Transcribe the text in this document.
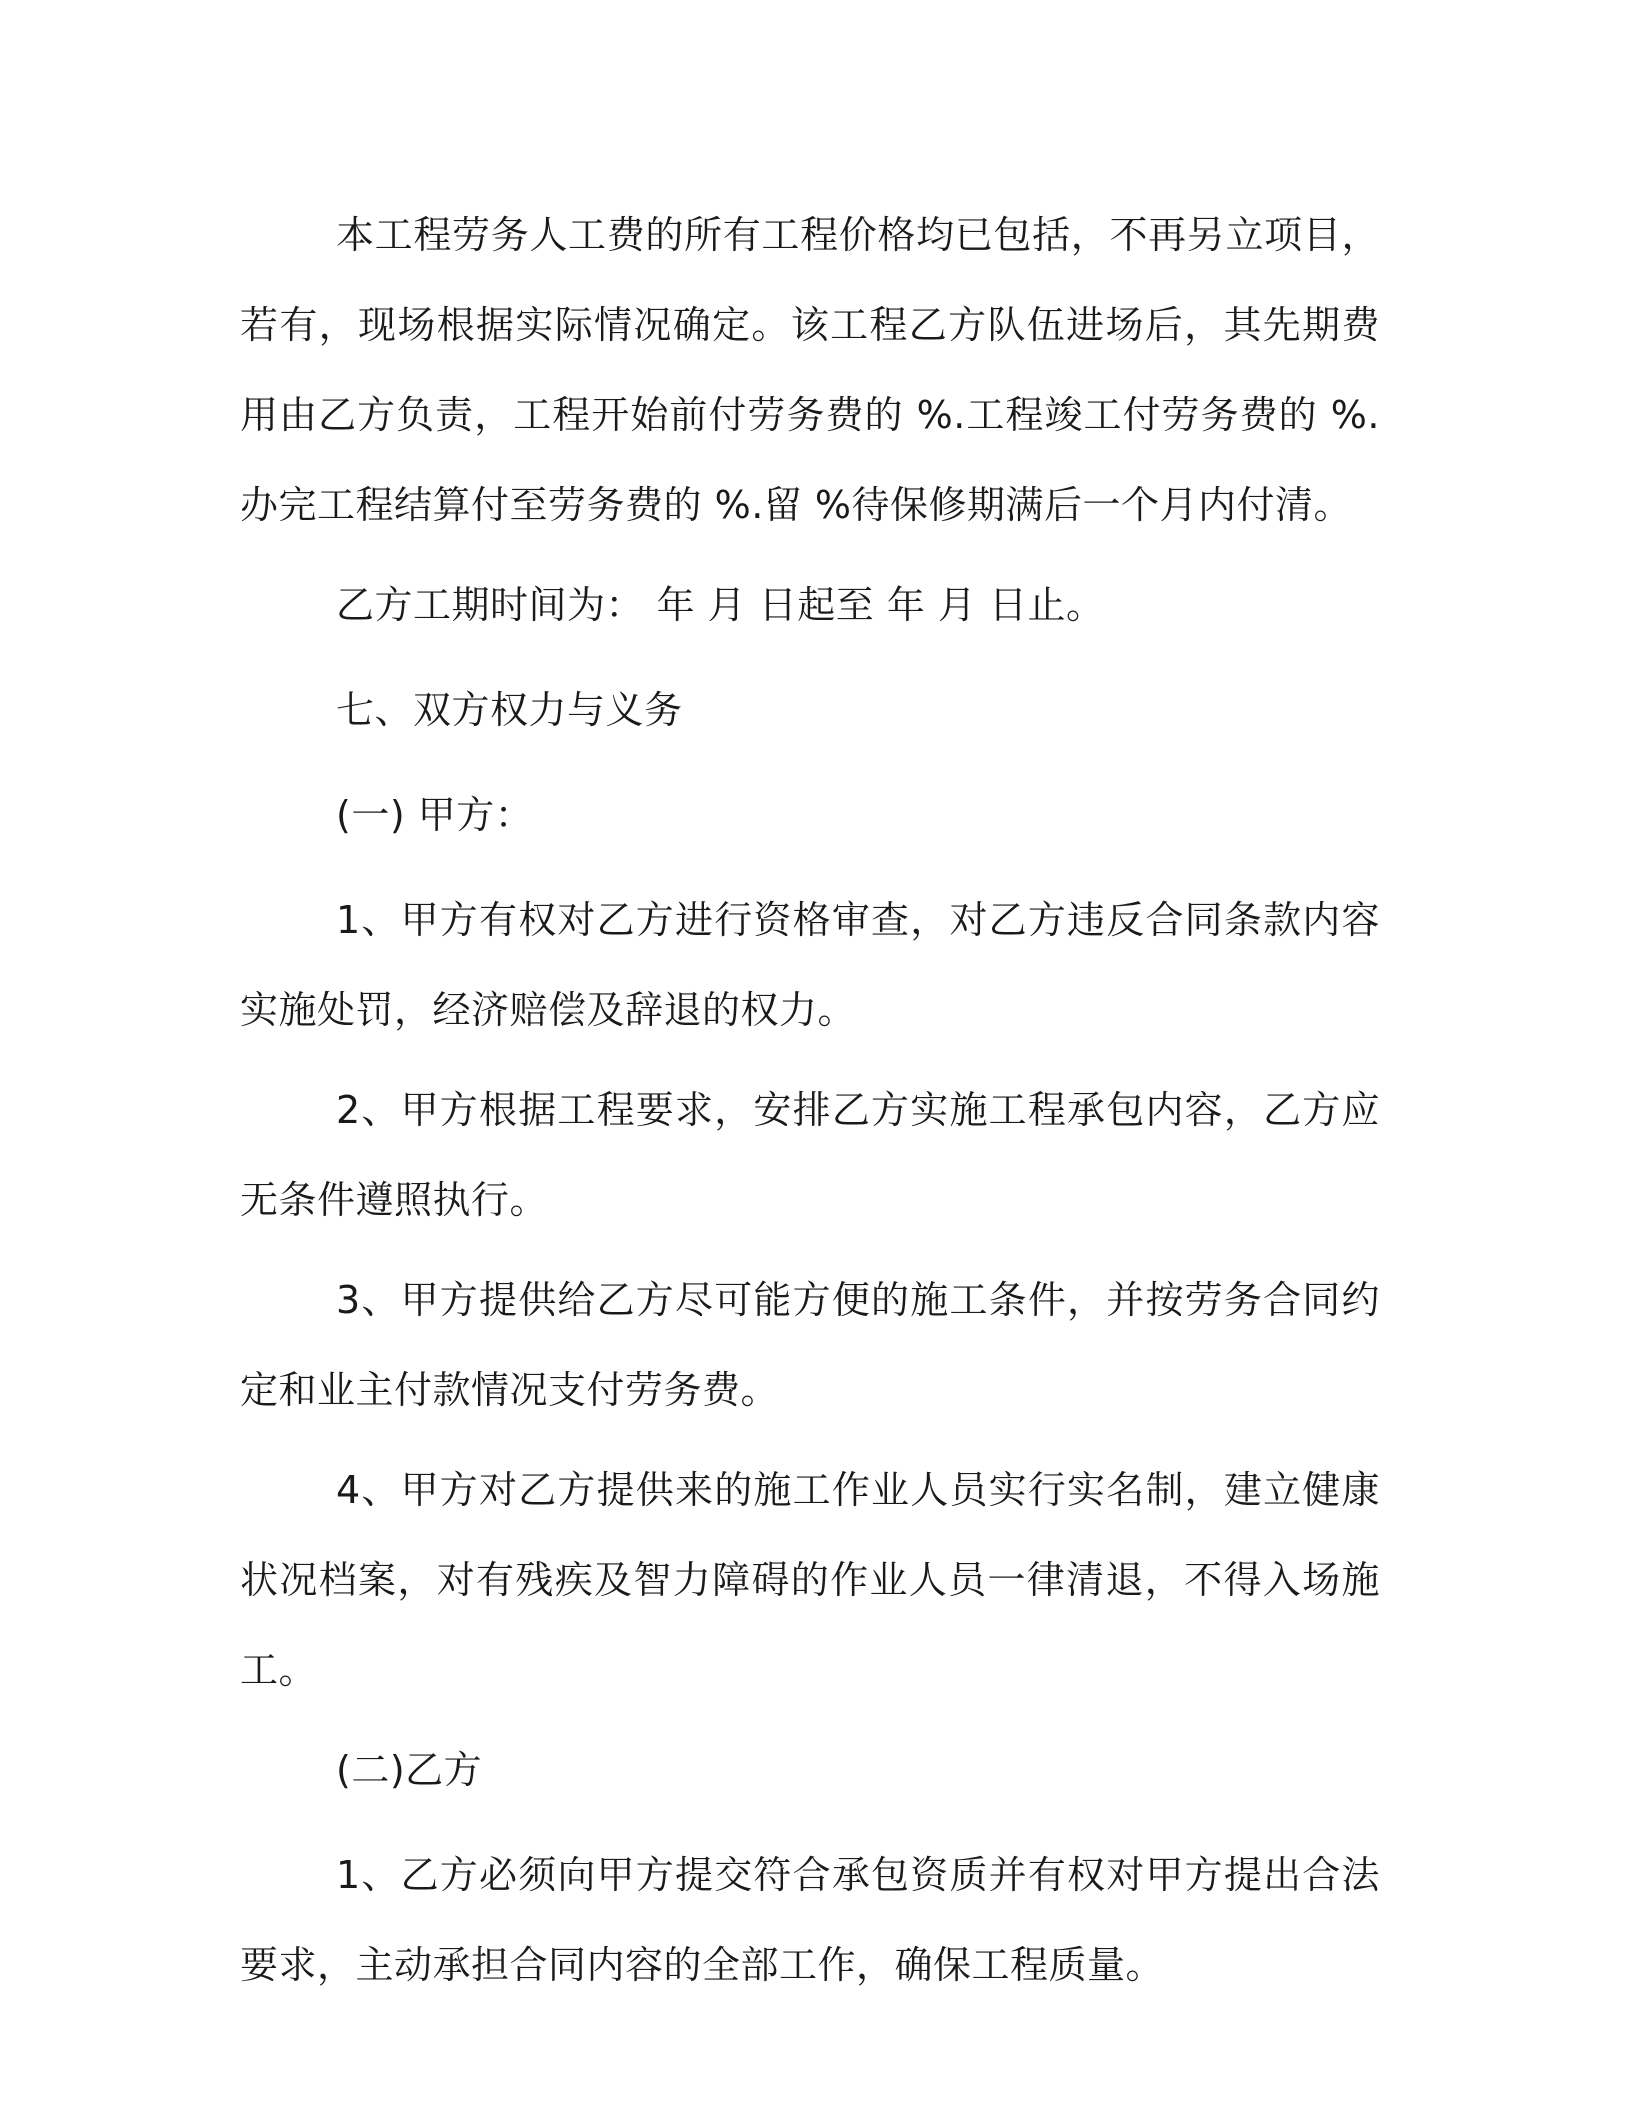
本工程劳务人工费的所有工程价格均已包括，不再另立项目，若有，现场根据实际情况确定。该工程乙方队伍进场后，其先期费用由乙方负责，工程开始前付劳务费的 %.工程竣工付劳务费的 %.办完工程结算付至劳务费的 %.留 %待保修期满后一个月内付清。

乙方工期时间为： 年 月 日起至 年 月 日止。

七、双方权力与义务

(一) 甲方：

1、甲方有权对乙方进行资格审查，对乙方违反合同条款内容实施处罚，经济赔偿及辞退的权力。

2、甲方根据工程要求，安排乙方实施工程承包内容，乙方应无条件遵照执行。

3、甲方提供给乙方尽可能方便的施工条件，并按劳务合同约定和业主付款情况支付劳务费。

4、甲方对乙方提供来的施工作业人员实行实名制，建立健康状况档案，对有残疾及智力障碍的作业人员一律清退，不得入场施工。

(二)乙方

1、乙方必须向甲方提交符合承包资质并有权对甲方提出合法要求，主动承担合同内容的全部工作，确保工程质量。
